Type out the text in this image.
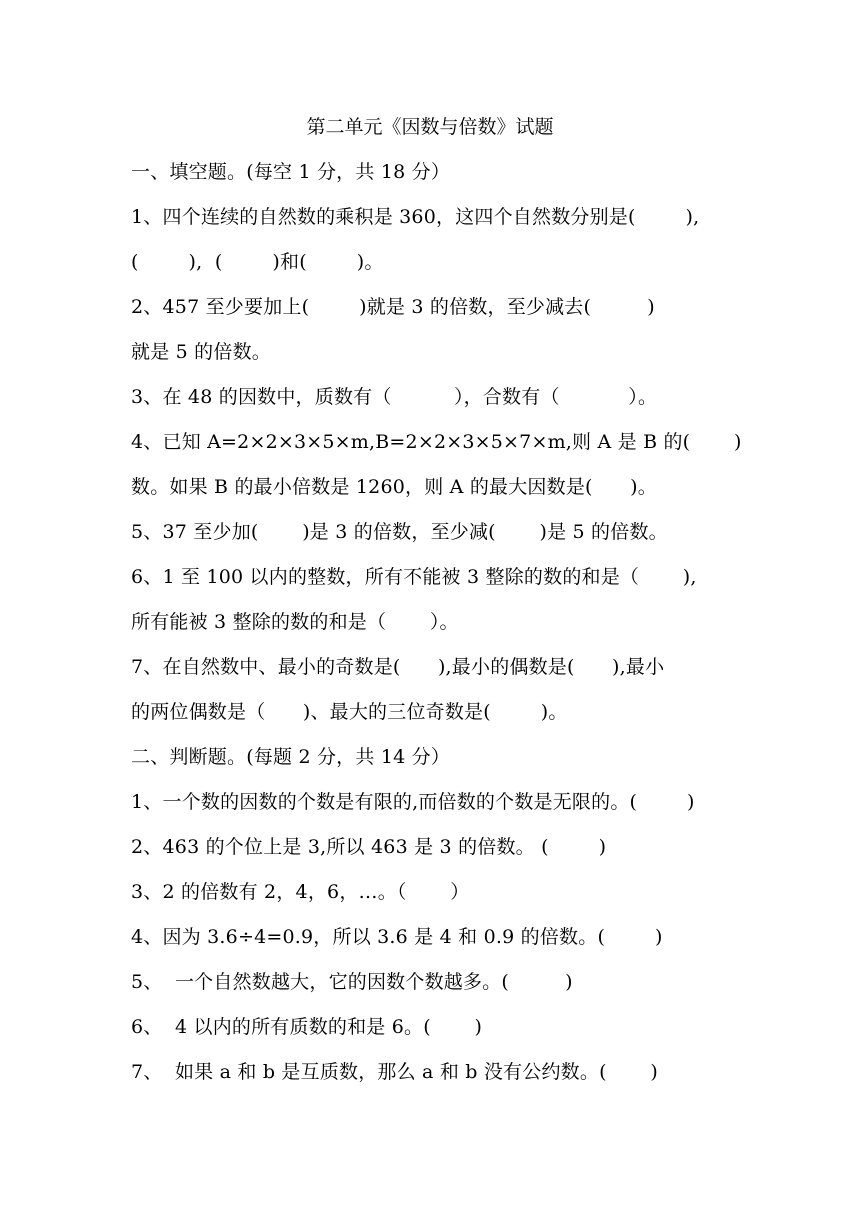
第二单元《因数与倍数》试题
一、填空题。(每空 1 分，共 18 分）
1、四个连续的自然数的乘积是 360，这四个自然数分别是(        ),
(        ),  (        )和(        )。
2、457 至少要加上(        )就是 3 的倍数，至少减去(         )
就是 5 的倍数。
3、在 48 的因数中，质数有（          ），合数有（           ）。
4、已知 A=2×2×3×5×m,B=2×2×3×5×7×m,则 A 是 B 的(       )
数。如果 B 的最小倍数是 1260，则 A 的最大因数是(      )。
5、37 至少加(       )是 3 的倍数，至少减(       )是 5 的倍数。
6、1 至 100 以内的整数，所有不能被 3 整除的数的和是（       ),
所有能被 3 整除的数的和是（       ）。
7、在自然数中、最小的奇数是(      ),最小的偶数是(      ),最小
的两位偶数是（      )、最大的三位奇数是(        )。
二、判断题。(每题 2 分，共 14 分）
1、一个数的因数的个数是有限的,而倍数的个数是无限的。(        )
2、463 的个位上是 3,所以 463 是 3 的倍数。 (        )
3、2 的倍数有 2，4，6，…。（       ）
4、因为 3.6÷4=0.9，所以 3.6 是 4 和 0.9 的倍数。(        )
5、  一个自然数越大，它的因数个数越多。(         )
6、  4 以内的所有质数的和是 6。(       )
7、  如果 a 和 b 是互质数，那么 a 和 b 没有公约数。(       )
